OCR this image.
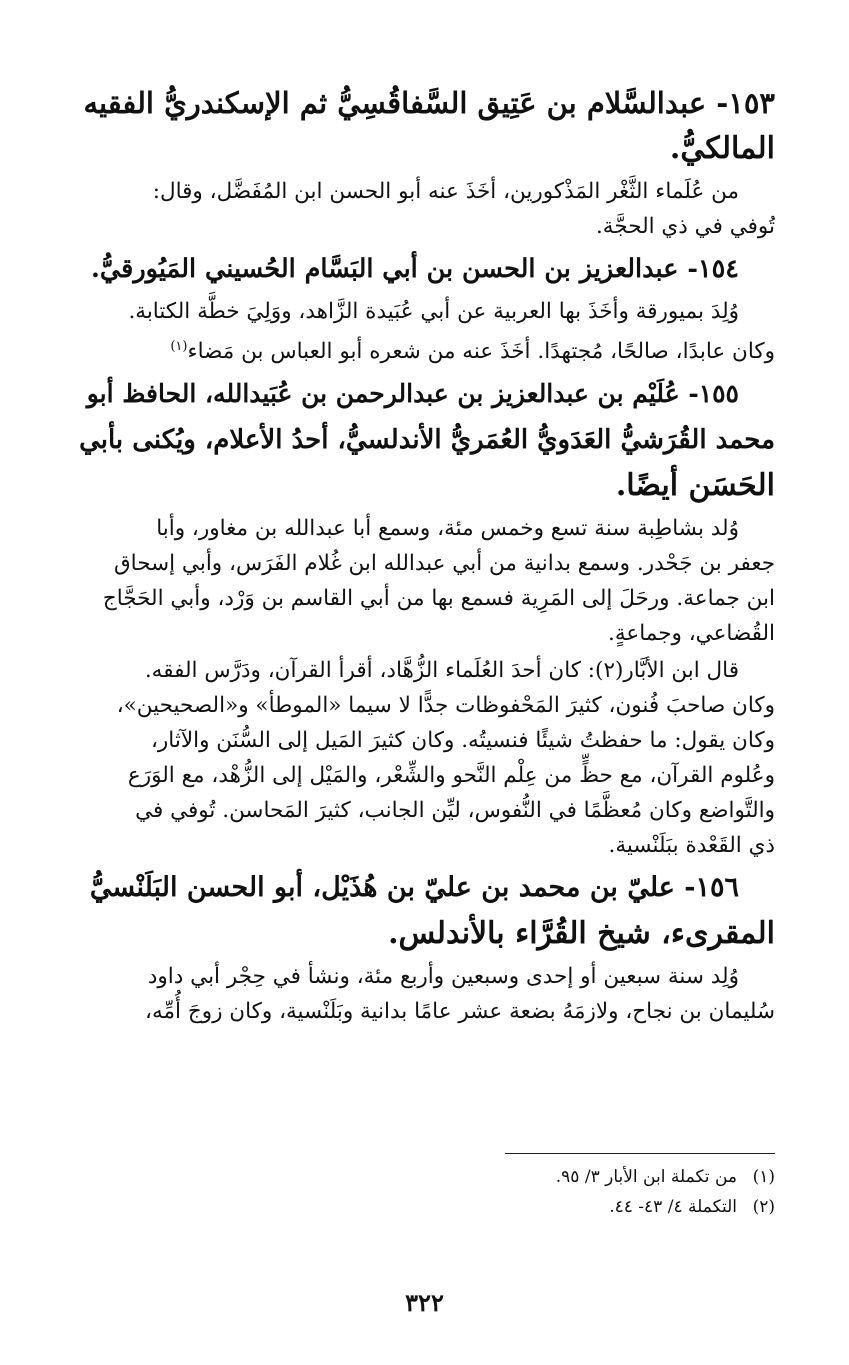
١٥٣- عبدالسَّلام بن عَتِيق السَّفاقُسِيُّ ثم الإسكندريُّ الفقيه
المالكيُّ.
من عُلَماء الثَّغْر المَذْكورين، أخَذَ عنه أبو الحسن ابن المُفَضَّل، وقال:
تُوفي في ذي الحجَّة.
١٥٤- عبدالعزيز بن الحسن بن أبي البَسَّام الحُسيني المَيُورقيُّ.
وُلِدَ بميورقة وأخَذَ بها العربية عن أبي عُبَيدة الزَّاهد، ووَلِيَ خطَّة الكتابة.
وكان عابدًا، صالحًا، مُجتهدًا. أخَذَ عنه من شعره أبو العباس بن مَضاء$^{(١)}$
١٥٥- عُلَيْم بن عبدالعزيز بن عبدالرحمن بن عُبَيدالله، الحافظ أبو
محمد القُرَشيُّ العَدَويُّ العُمَريُّ الأندلسيُّ، أحدُ الأعلام، ويُكنى بأبي
الحَسَن أيضًا.
وُلد بشاطِبة سنة تسع وخمس مئة، وسمع أبا عبدالله بن مغاور، وأبا
جعفر بن جَحْدر. وسمع بدانية من أبي عبدالله ابن غُلام الفَرَس، وأبي إسحاق
ابن جماعة. ورحَلَ إلى المَرِية فسمع بها من أبي القاسم بن وَرْد، وأبي الحَجَّاج
القُضاعي، وجماعةٍ.
قال ابن الأبَّار(٢): كان أحدَ العُلَماء الزُّهَّاد، أقرأ القرآن، ودَرَّس الفقه.
وكان صاحبَ فُنون، كثيرَ المَحْفوظات جدًّا لا سيما «الموطأ» و«الصحيحين»،
وكان يقول: ما حفظتُ شيئًا فنسيتُه. وكان كثيرَ المَيل إلى السُّنَن والآثار،
وعُلوم القرآن، مع حظٍّ من عِلْم النَّحو والشِّعْر، والمَيْل إلى الزُّهْد، مع الوَرَع
والتَّواضع وكان مُعظَّمًا في النُّفوس، ليِّن الجانب، كثيرَ المَحاسن. تُوفي في
ذي القَعْدة ببَلَنْسية.
١٥٦- عليّ بن محمد بن عليّ بن هُذَيْل، أبو الحسن البَلَنْسيُّ
المقرىء، شيخ القُرَّاء بالأندلس.
وُلِد سنة سبعين أو إحدى وسبعين وأربع مئة، ونشأ في حِجْر أبي داود
سُليمان بن نجاح، ولازمَهُ بضعة عشر عامًا بدانية وبَلَنْسية، وكان زوجَ أُمِّه،
(١)من تكملة ابن الأبار ٣/ ٩٥.
(٢)التكملة ٤/ ٤٣- ٤٤.
٣٢٢
